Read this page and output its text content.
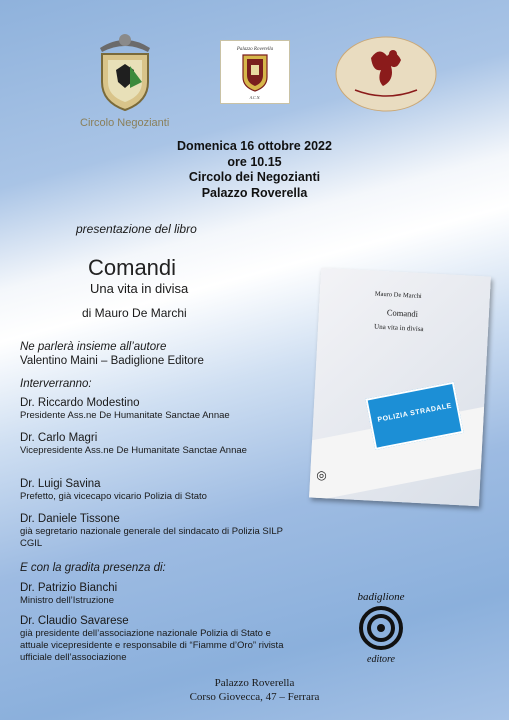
Circolo Negozianti
Palazzo Roverella
A.C.N.
Domenica 16 ottobre 2022
ore 10.15
Circolo dei Negozianti
Palazzo Roverella
presentazione del libro
Comandi
Una vita in divisa
di Mauro De Marchi
Mauro De Marchi
Comandi
Una vita in divisa
POLIZIA STRADALE
◎
Ne parlerà insieme all’autore
Valentino Maini – Badiglione Editore
Interverranno:
Dr. Riccardo Modestino
Presidente Ass.ne De Humanitate Sanctae Annae
Dr. Carlo Magri
Vicepresidente Ass.ne De Humanitate Sanctae Annae
Dr. Luigi Savina
Prefetto, già vicecapo vicario Polizia di Stato
Dr. Daniele Tissone
già segretario nazionale generale del sindacato di Polizia SILP CGIL
E con la gradita presenza di:
Dr. Patrizio Bianchi
Ministro dell’Istruzione
Dr. Claudio Savarese
già presidente dell’associazione nazionale Polizia di Stato e attuale vicepresidente e responsabile di “Fiamme d’Oro” rivista ufficiale dell’associazione
badiglione
editore
Palazzo Roverella
Corso Giovecca, 47 – Ferrara
